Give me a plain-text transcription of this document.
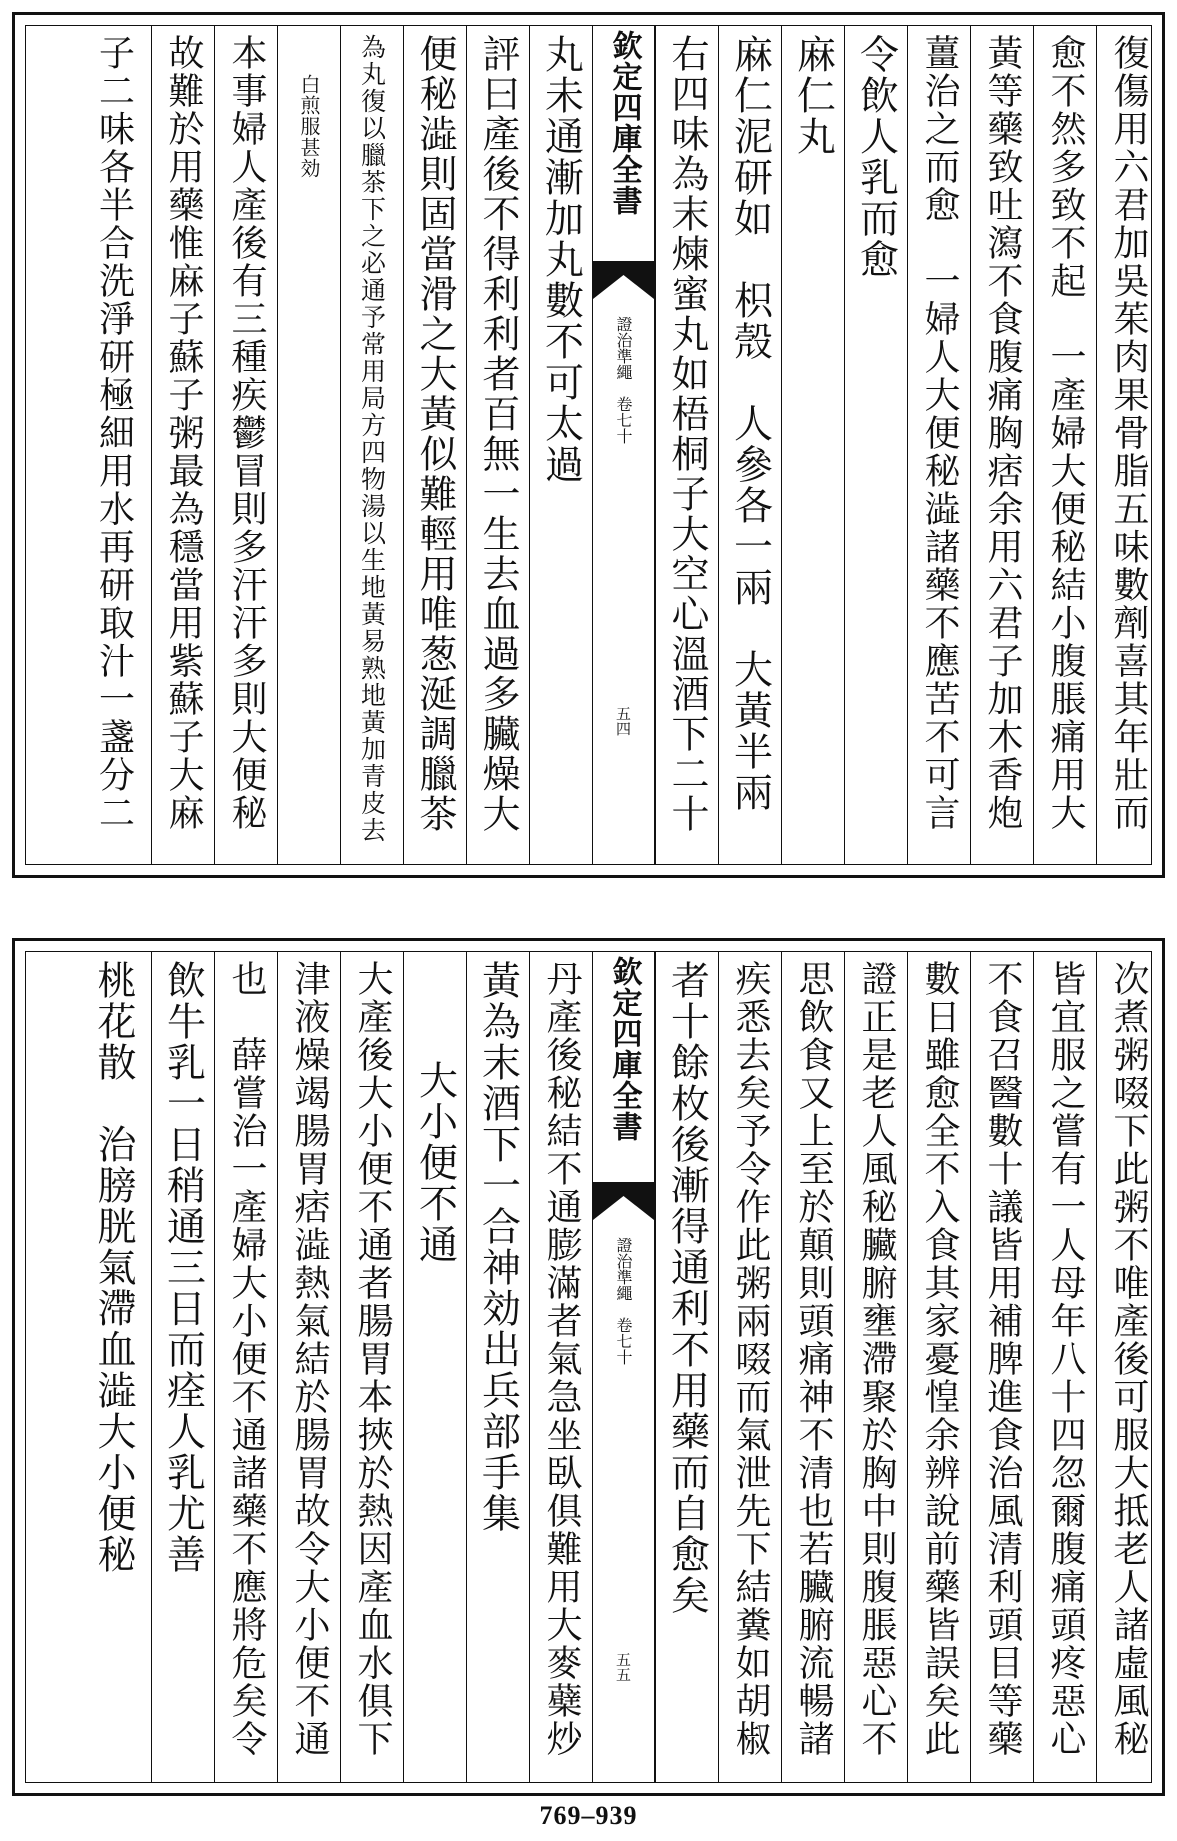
復傷用六君加吳茱肉果骨脂五味數劑喜其年壯而
愈不然多致不起　一產婦大便秘結小腹脹痛用大
黃等藥致吐瀉不食腹痛胸痞余用六君子加木香炮
薑治之而愈　一婦人大便秘澁諸藥不應苦不可言
令飲人乳而愈
麻仁丸
麻仁泥研如　枳殼　人參各一兩　大黃半兩
右四味為末煉蜜丸如梧桐子大空心溫酒下二十
欽定四庫全書
證治準繩　卷七十
五四
丸未通漸加丸數不可太過
評曰產後不得利利者百無一生去血過多臟燥大
便秘澁則固當滑之大黃似難輕用唯葱涎調臘茶
為丸復以臘茶下之必通予常用局方四物湯以生地黃易熟地黃加青皮去
白煎服甚効
本事婦人產後有三種疾鬱冒則多汗汗多則大便秘
故難於用藥惟麻子蘇子粥最為穩當用紫蘇子大麻
子二味各半合洗淨研極細用水再研取汁一盞分二
次煮粥啜下此粥不唯產後可服大抵老人諸虛風秘
皆宜服之嘗有一人母年八十四忽爾腹痛頭疼惡心
不食召醫數十議皆用補脾進食治風清利頭目等藥
數日雖愈全不入食其家憂惶余辨說前藥皆誤矣此
證正是老人風秘臟腑壅滯聚於胸中則腹脹惡心不
思飲食又上至於顛則頭痛神不清也若臟腑流暢諸
疾悉去矣予令作此粥兩啜而氣泄先下結糞如胡椒
者十餘枚後漸得通利不用藥而自愈矣
欽定四庫全書
證治準繩　卷七十
五五
丹產後秘結不通膨滿者氣急坐臥俱難用大麥蘗炒
黃為末酒下一合神効出兵部手集
大小便不通
大產後大小便不通者腸胃本挾於熱因產血水俱下
津液燥竭腸胃痞澁熱氣結於腸胃故令大小便不通
也　薛嘗治一產婦大小便不通諸藥不應將危矣令
飲牛乳一日稍通三日而痊人乳尤善
桃花散　治膀胱氣滯血澁大小便秘
769–939
